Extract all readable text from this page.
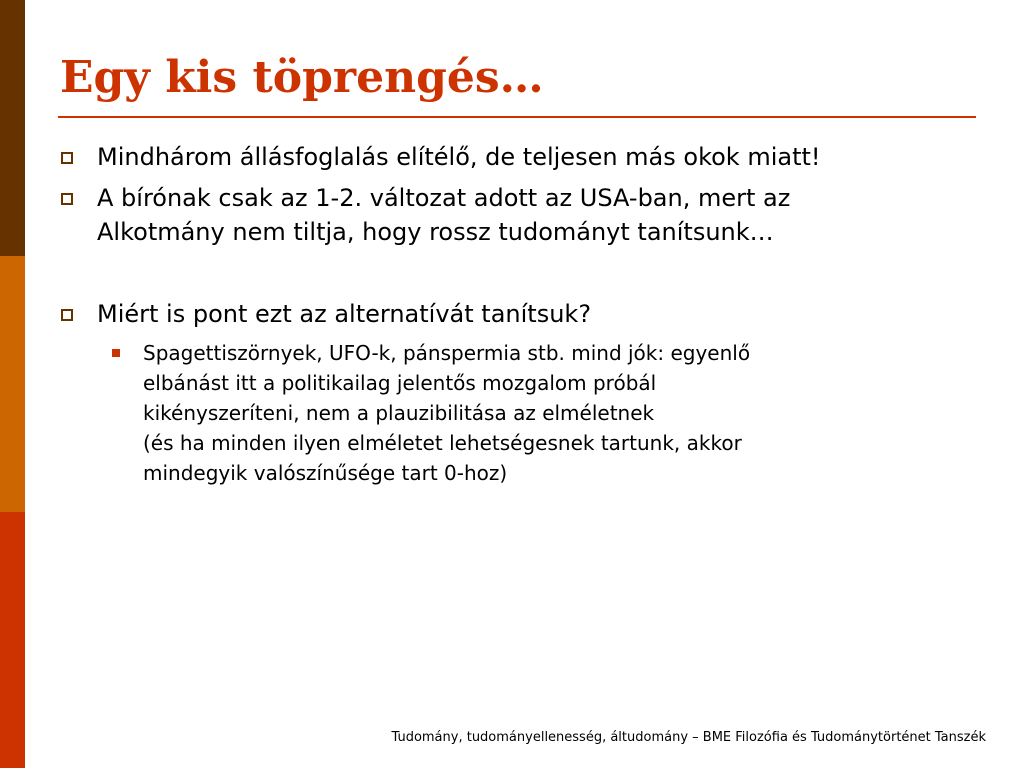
Egy kis töprengés…
Mindhárom állásfoglalás elítélő, de teljesen más okok miatt!
A bírónak csak az 1-2. változat adott az USA-ban, mert az
Alkotmány nem tiltja, hogy rossz tudományt tanítsunk…
Miért is pont ezt az alternatívát tanítsuk?
Spagettiszörnyek, UFO-k, pánspermia stb. mind jók: egyenlő
elbánást itt a politikailag jelentős mozgalom próbál
kikényszeríteni, nem a plauzibilitása az elméletnek
(és ha minden ilyen elméletet lehetségesnek tartunk, akkor
mindegyik valószínűsége tart 0-hoz)
Tudomány, tudományellenesség, áltudomány – BME Filozófia és Tudománytörténet Tanszék
